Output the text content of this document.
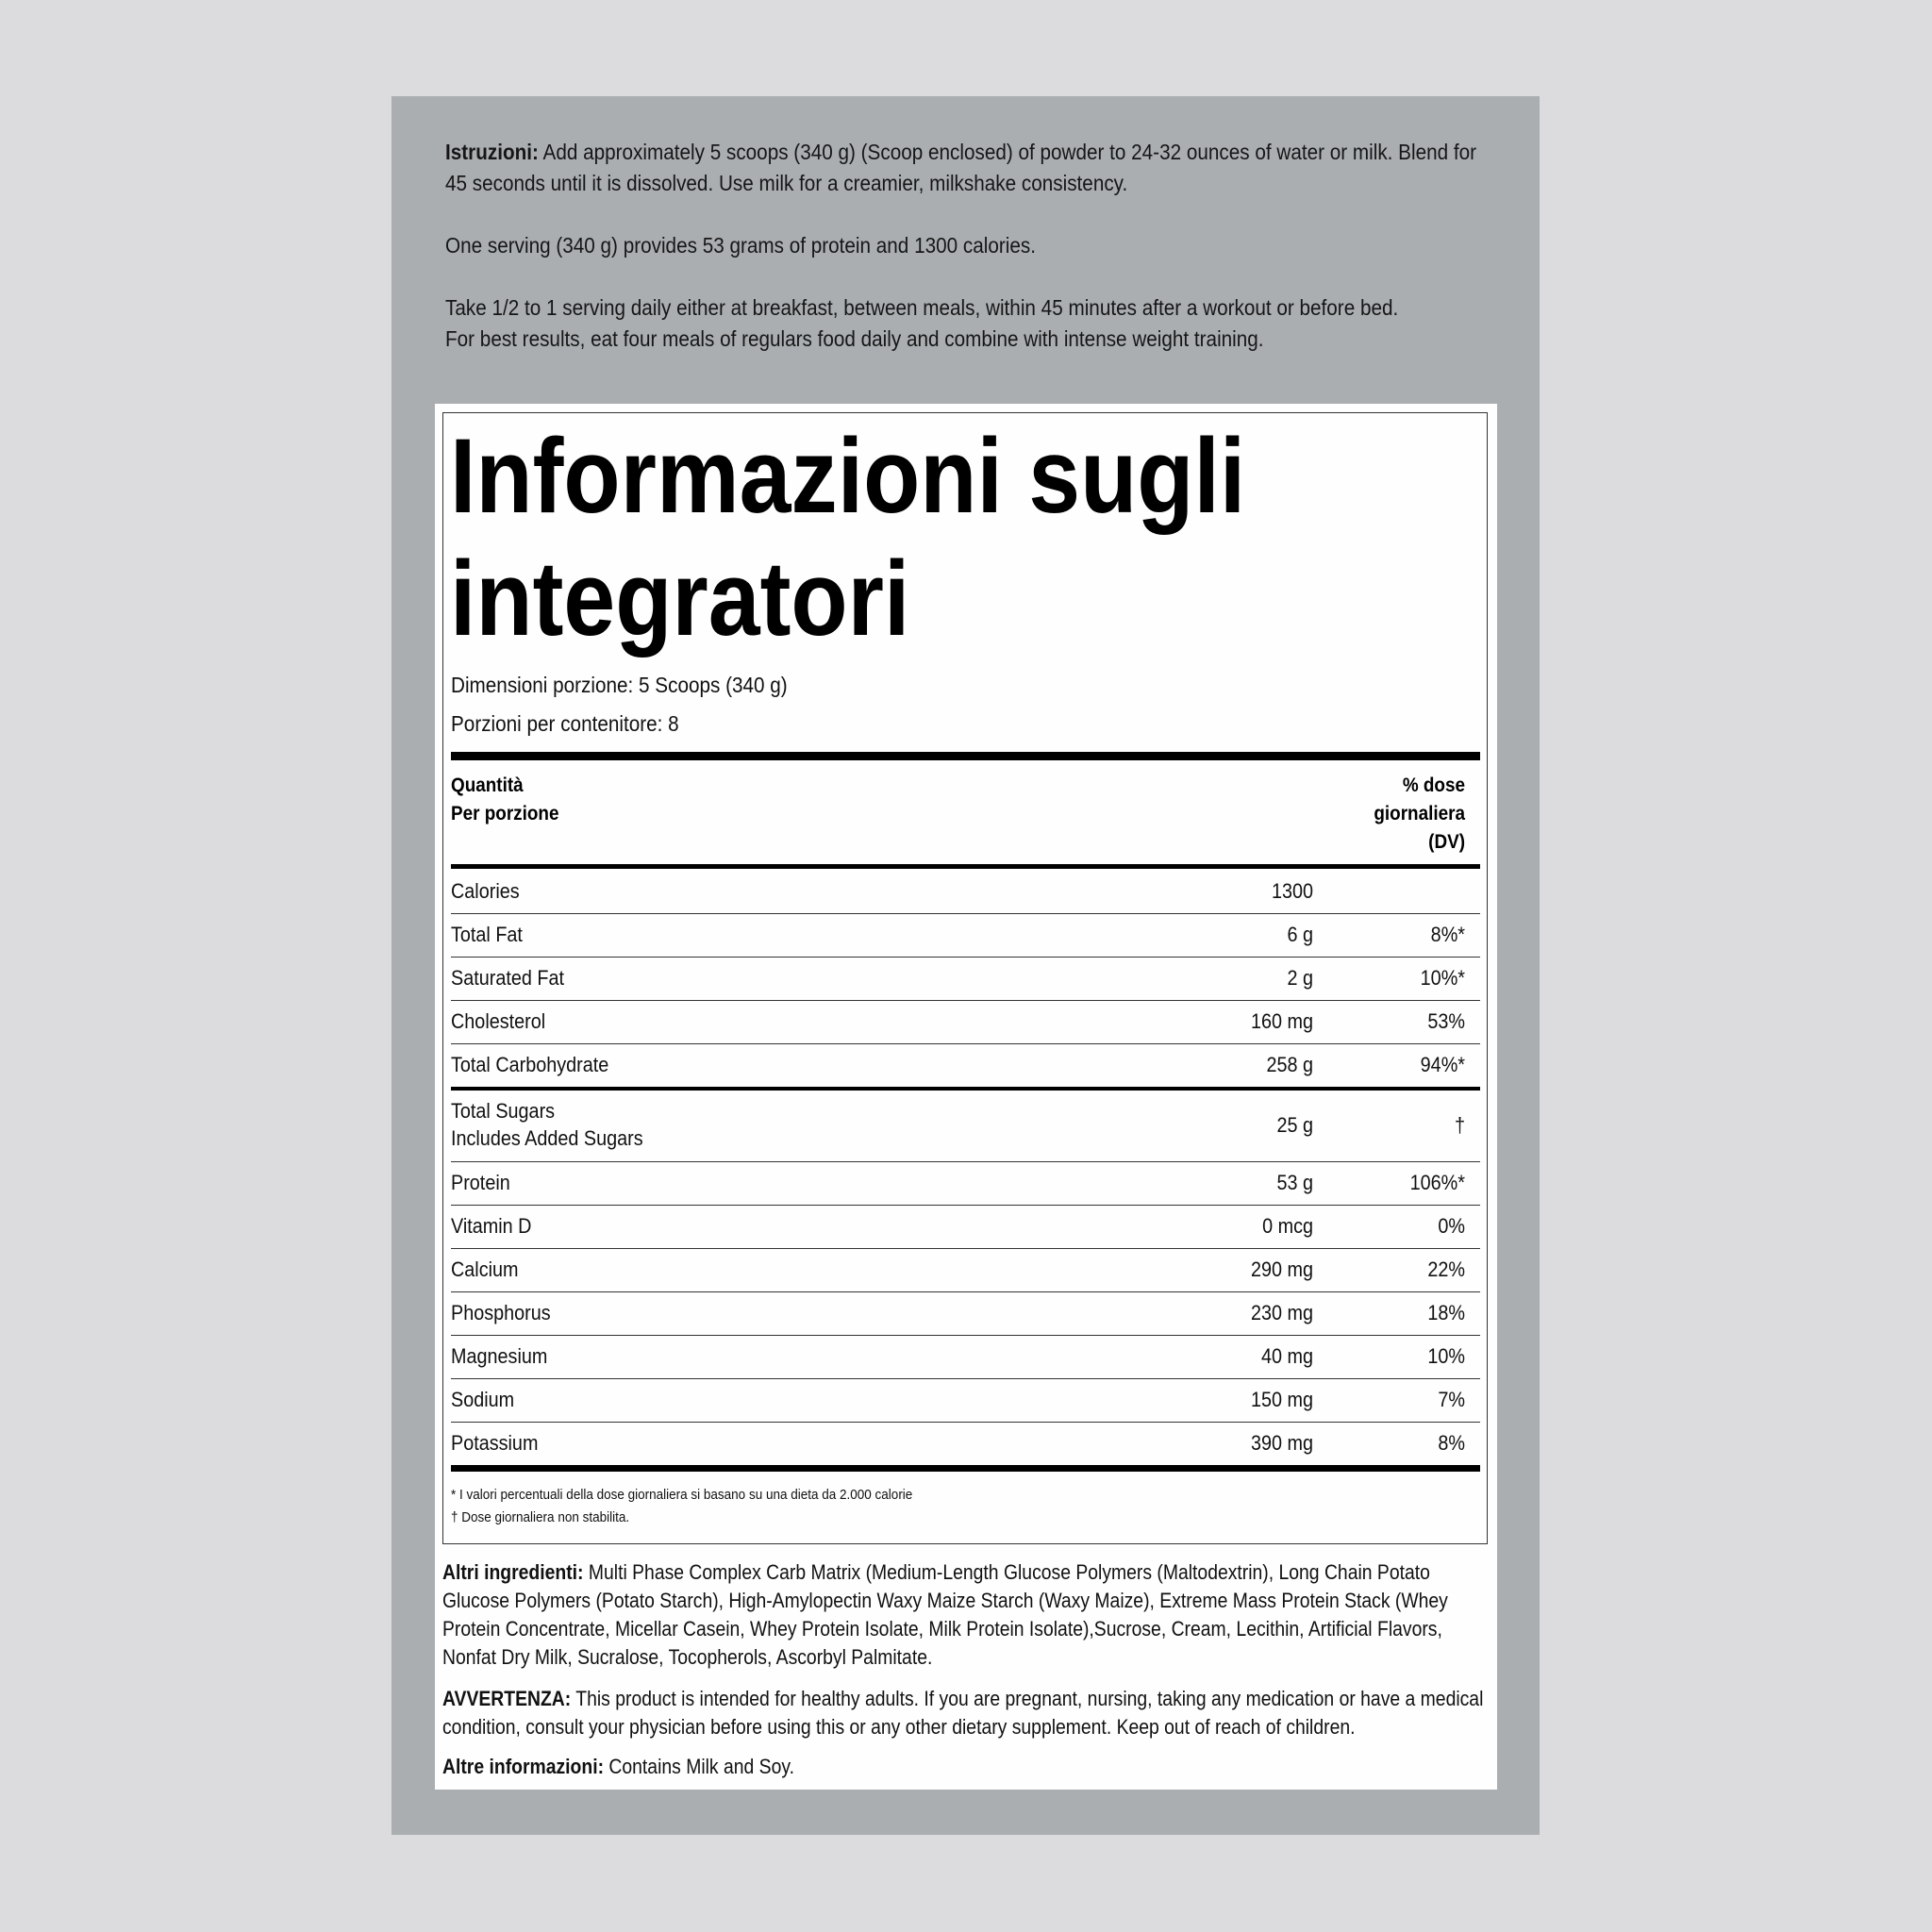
Istruzioni: Add approximately 5 scoops (340 g) (Scoop enclosed) of powder to 24-32 ounces of water or milk. Blend for 45 seconds until it is dissolved. Use milk for a creamier, milkshake consistency.

One serving (340 g) provides 53 grams of protein and 1300 calories.

Take 1/2 to 1 serving daily either at breakfast, between meals, within 45 minutes after a workout or before bed.

For best results, eat four meals of regulars food daily and combine with intense weight training.

Informazioni sugli integratori
Dimensioni porzione: 5 Scoops (340 g)
Porzioni per contenitore: 8
Quantità
Per porzione
% dose
giornaliera
(DV)
Calories	1300
Total Fat	6 g	8%*
Saturated Fat	2 g	10%*
Cholesterol	160 mg	53%
Total Carbohydrate	258 g	94%*
Total Sugars
Includes Added Sugars
25 g	†
Protein	53 g	106%*
Vitamin D	0 mcg	0%
Calcium	290 mg	22%
Phosphorus	230 mg	18%
Magnesium	40 mg	10%
Sodium	150 mg	7%
Potassium	390 mg	8%
* I valori percentuali della dose giornaliera si basano su una dieta da 2.000 calorie
† Dose giornaliera non stabilita.
Altri ingredienti: Multi Phase Complex Carb Matrix (Medium-Length Glucose Polymers (Maltodextrin), Long Chain Potato Glucose Polymers (Potato Starch), High-Amylopectin Waxy Maize Starch (Waxy Maize), Extreme Mass Protein Stack (Whey Protein Concentrate, Micellar Casein, Whey Protein Isolate, Milk Protein Isolate),Sucrose, Cream, Lecithin, Artificial Flavors, Nonfat Dry Milk, Sucralose, Tocopherols, Ascorbyl Palmitate.
AVVERTENZA: This product is intended for healthy adults. If you are pregnant, nursing, taking any medication or have a medical condition, consult your physician before using this or any other dietary supplement. Keep out of reach of children.
Altre informazioni: Contains Milk and Soy.
